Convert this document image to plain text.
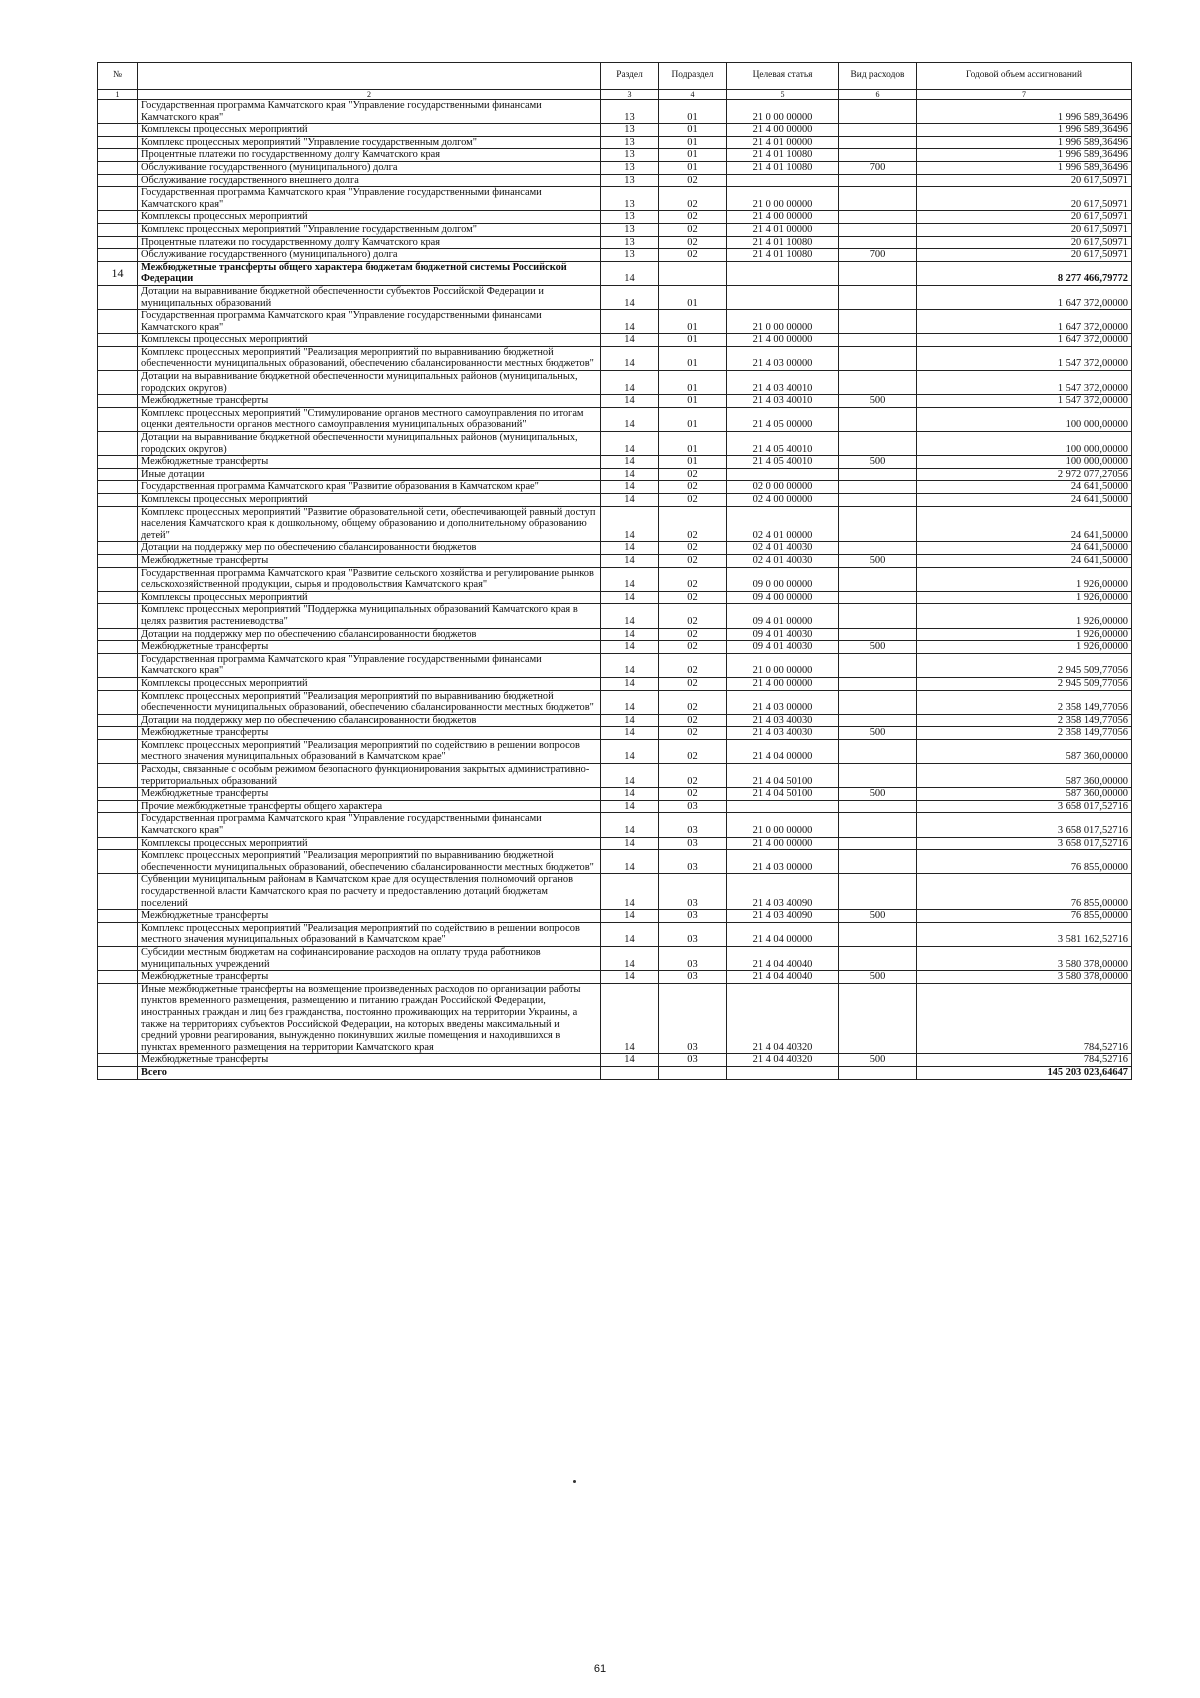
№		Раздел	Подраздел	Целевая статья	Вид расходов	Годовой объем ассигнований
1	2	3	4	5	6	7
	Государственная программа Камчатского края "Управление государственными финансами Камчатского края"	13	01	21 0 00 00000		1 996 589,36496
	Комплексы процессных мероприятий	13	01	21 4 00 00000		1 996 589,36496
	Комплекс процессных мероприятий "Управление государственным долгом"	13	01	21 4 01 00000		1 996 589,36496
	Процентные платежи по государственному долгу Камчатского края	13	01	21 4 01 10080		1 996 589,36496
	Обслуживание государственного (муниципального) долга	13	01	21 4 01 10080	700	1 996 589,36496
	Обслуживание государственного внешнего долга	13	02			20 617,50971
	Государственная программа Камчатского края "Управление государственными финансами Камчатского края"	13	02	21 0 00 00000		20 617,50971
	Комплексы процессных мероприятий	13	02	21 4 00 00000		20 617,50971
	Комплекс процессных мероприятий "Управление государственным долгом"	13	02	21 4 01 00000		20 617,50971
	Процентные платежи по государственному долгу Камчатского края	13	02	21 4 01 10080		20 617,50971
	Обслуживание государственного (муниципального) долга	13	02	21 4 01 10080	700	20 617,50971
14	Межбюджетные трансферты общего характера бюджетам бюджетной системы Российской Федерации	14				8 277 466,79772
	Дотации на выравнивание бюджетной обеспеченности субъектов Российской Федерации и муниципальных образований	14	01			1 647 372,00000
	Государственная программа Камчатского края "Управление государственными финансами Камчатского края"	14	01	21 0 00 00000		1 647 372,00000
	Комплексы процессных мероприятий	14	01	21 4 00 00000		1 647 372,00000
	Комплекс процессных мероприятий "Реализация мероприятий по выравниванию бюджетной обеспеченности муниципальных образований, обеспечению сбалансированности местных бюджетов"	14	01	21 4 03 00000		1 547 372,00000
	Дотации на выравнивание бюджетной обеспеченности муниципальных районов (муниципальных, городских округов)	14	01	21 4 03 40010		1 547 372,00000
	Межбюджетные трансферты	14	01	21 4 03 40010	500	1 547 372,00000
	Комплекс процессных мероприятий "Стимулирование органов местного самоуправления по итогам оценки деятельности органов местного самоуправления муниципальных образований"	14	01	21 4 05 00000		100 000,00000
	Дотации на выравнивание бюджетной обеспеченности муниципальных районов (муниципальных, городских округов)	14	01	21 4 05 40010		100 000,00000
	Межбюджетные трансферты	14	01	21 4 05 40010	500	100 000,00000
	Иные дотации	14	02			2 972 077,27056
	Государственная программа Камчатского края "Развитие образования в Камчатском крае"	14	02	02 0 00 00000		24 641,50000
	Комплексы процессных мероприятий	14	02	02 4 00 00000		24 641,50000
	Комплекс процессных мероприятий "Развитие образовательной сети, обеспечивающей равный доступ населения Камчатского края к дошкольному, общему образованию и дополнительному образованию детей"	14	02	02 4 01 00000		24 641,50000
	Дотации на поддержку мер по обеспечению сбалансированности бюджетов	14	02	02 4 01 40030		24 641,50000
	Межбюджетные трансферты	14	02	02 4 01 40030	500	24 641,50000
	Государственная программа Камчатского края "Развитие сельского хозяйства и регулирование рынков сельскохозяйственной продукции, сырья и продовольствия Камчатского края"	14	02	09 0 00 00000		1 926,00000
	Комплексы процессных мероприятий	14	02	09 4 00 00000		1 926,00000
	Комплекс процессных мероприятий "Поддержка муниципальных образований Камчатского края в целях развития растениеводства"	14	02	09 4 01 00000		1 926,00000
	Дотации на поддержку мер по обеспечению сбалансированности бюджетов	14	02	09 4 01 40030		1 926,00000
	Межбюджетные трансферты	14	02	09 4 01 40030	500	1 926,00000
	Государственная программа Камчатского края "Управление государственными финансами Камчатского края"	14	02	21 0 00 00000		2 945 509,77056
	Комплексы процессных мероприятий	14	02	21 4 00 00000		2 945 509,77056
	Комплекс процессных мероприятий "Реализация мероприятий по выравниванию бюджетной обеспеченности муниципальных образований, обеспечению сбалансированности местных бюджетов"	14	02	21 4 03 00000		2 358 149,77056
	Дотации на поддержку мер по обеспечению сбалансированности бюджетов	14	02	21 4 03 40030		2 358 149,77056
	Межбюджетные трансферты	14	02	21 4 03 40030	500	2 358 149,77056
	Комплекс процессных мероприятий "Реализация мероприятий по содействию в решении вопросов местного значения муниципальных образований в Камчатском крае"	14	02	21 4 04 00000		587 360,00000
	Расходы, связанные с особым режимом безопасного функционирования закрытых административно-территориальных образований	14	02	21 4 04 50100		587 360,00000
	Межбюджетные трансферты	14	02	21 4 04 50100	500	587 360,00000
	Прочие межбюджетные трансферты общего характера	14	03			3 658 017,52716
	Государственная программа Камчатского края "Управление государственными финансами Камчатского края"	14	03	21 0 00 00000		3 658 017,52716
	Комплексы процессных мероприятий	14	03	21 4 00 00000		3 658 017,52716
	Комплекс процессных мероприятий "Реализация мероприятий по выравниванию бюджетной обеспеченности муниципальных образований, обеспечению сбалансированности местных бюджетов"	14	03	21 4 03 00000		76 855,00000
	Субвенции муниципальным районам в Камчатском крае для осуществления полномочий органов государственной власти Камчатского края по расчету и предоставлению дотаций бюджетам поселений	14	03	21 4 03 40090		76 855,00000
	Межбюджетные трансферты	14	03	21 4 03 40090	500	76 855,00000
	Комплекс процессных мероприятий "Реализация мероприятий по содействию в решении вопросов местного значения муниципальных образований в Камчатском крае"	14	03	21 4 04 00000		3 581 162,52716
	Субсидии местным бюджетам на софинансирование расходов на оплату труда работников муниципальных учреждений	14	03	21 4 04 40040		3 580 378,00000
	Межбюджетные трансферты	14	03	21 4 04 40040	500	3 580 378,00000
	Иные межбюджетные трансферты на возмещение произведенных расходов по организации работы пунктов временного размещения, размещению и питанию граждан Российской Федерации, иностранных граждан и лиц без гражданства, постоянно проживающих на территории Украины, а также на территориях субъектов Российской Федерации, на которых введены максимальный и средний уровни реагирования, вынужденно покинувших жилые помещения и находившихся в пунктах временного размещения на территории Камчатского края	14	03	21 4 04 40320		784,52716
	Межбюджетные трансферты	14	03	21 4 04 40320	500	784,52716
	Всего					145 203 023,64647
61
